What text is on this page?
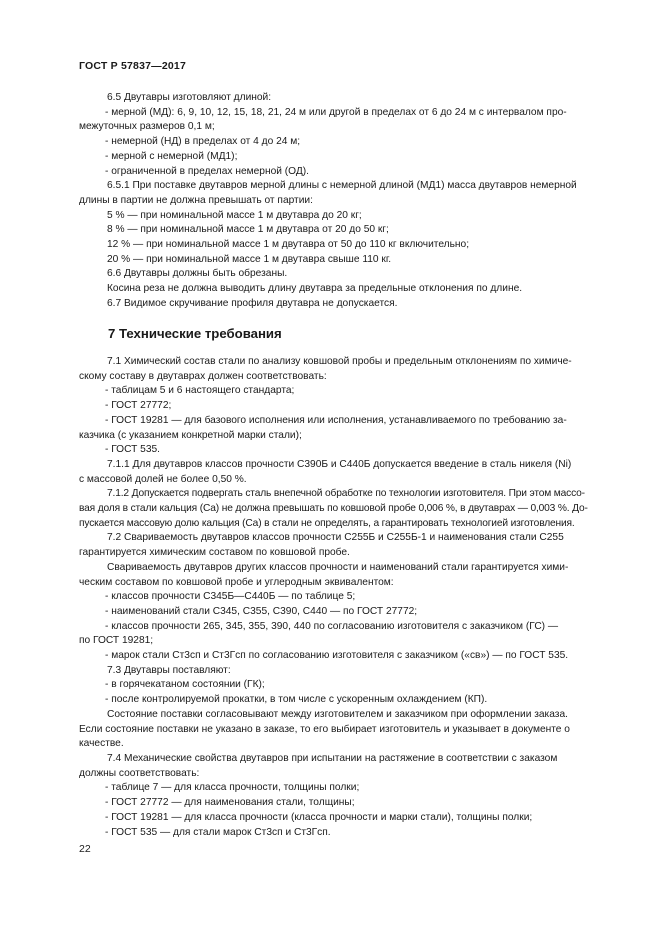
ГОСТ Р 57837—2017
6.5 Двутавры изготовляют длиной:
- мерной (МД): 6, 9, 10, 12, 15, 18, 21, 24 м или другой в пределах от 6 до 24 м с интервалом про-
межуточных размеров 0,1 м;
- немерной (НД) в пределах от 4 до 24 м;
- мерной с немерной (МД1);
- ограниченной в пределах немерной (ОД).
6.5.1 При поставке двутавров мерной длины с немерной длиной (МД1) масса двутавров немерной
длины в партии не должна превышать от партии:
5 % — при номинальной массе 1 м двутавра до 20 кг;
8 % — при номинальной массе 1 м двутавра от 20 до 50 кг;
12 % — при номинальной массе 1 м двутавра от 50 до 110 кг включительно;
20 % — при номинальной массе 1 м двутавра свыше 110 кг.
6.6 Двутавры должны быть обрезаны.
Косина реза не должна выводить длину двутавра за предельные отклонения по длине.
6.7 Видимое скручивание профиля двутавра не допускается.
7 Технические требования
7.1 Химический состав стали по анализу ковшовой пробы и предельным отклонениям по химиче-
скому составу в двутаврах должен соответствовать:
- таблицам 5 и 6 настоящего стандарта;
- ГОСТ 27772;
- ГОСТ 19281 — для базового исполнения или исполнения, устанавливаемого по требованию за-
казчика (с указанием конкретной марки стали);
- ГОСТ 535.
7.1.1 Для двутавров классов прочности С390Б и С440Б допускается введение в сталь никеля (Ni)
с массовой долей не более 0,50 %.
7.1.2 Допускается подвергать сталь внепечной обработке по технологии изготовителя. При этом массо-
вая доля в стали кальция (Са) не должна превышать по ковшовой пробе 0,006 %, в двутаврах — 0,003 %. До-
пускается массовую долю кальция (Са) в стали не определять, а гарантировать технологией изготовления.
7.2 Свариваемость двутавров классов прочности С255Б и С255Б-1 и наименования стали С255
гарантируется химическим составом по ковшовой пробе.
Свариваемость двутавров других классов прочности и наименований стали гарантируется хими-
ческим составом по ковшовой пробе и углеродным эквивалентом:
- классов прочности С345Б—С440Б — по таблице 5;
- наименований стали С345, С355, С390, С440 — по ГОСТ 27772;
- классов прочности 265, 345, 355, 390, 440 по согласованию изготовителя с заказчиком (ГС) —
по ГОСТ 19281;
- марок стали Ст3сп и Ст3Гсп по согласованию изготовителя с заказчиком («св») — по ГОСТ 535.
7.3 Двутавры поставляют:
- в горячекатаном состоянии (ГК);
- после контролируемой прокатки, в том числе с ускоренным охлаждением (КП).
Состояние поставки согласовывают между изготовителем и заказчиком при оформлении заказа.
Если состояние поставки не указано в заказе, то его выбирает изготовитель и указывает в документе о
качестве.
7.4 Механические свойства двутавров при испытании на растяжение в соответствии с заказом
должны соответствовать:
- таблице 7 — для класса прочности, толщины полки;
- ГОСТ 27772 — для наименования стали, толщины;
- ГОСТ 19281 — для класса прочности (класса прочности и марки стали), толщины полки;
- ГОСТ 535 — для стали марок Ст3сп и Ст3Гсп.
22
